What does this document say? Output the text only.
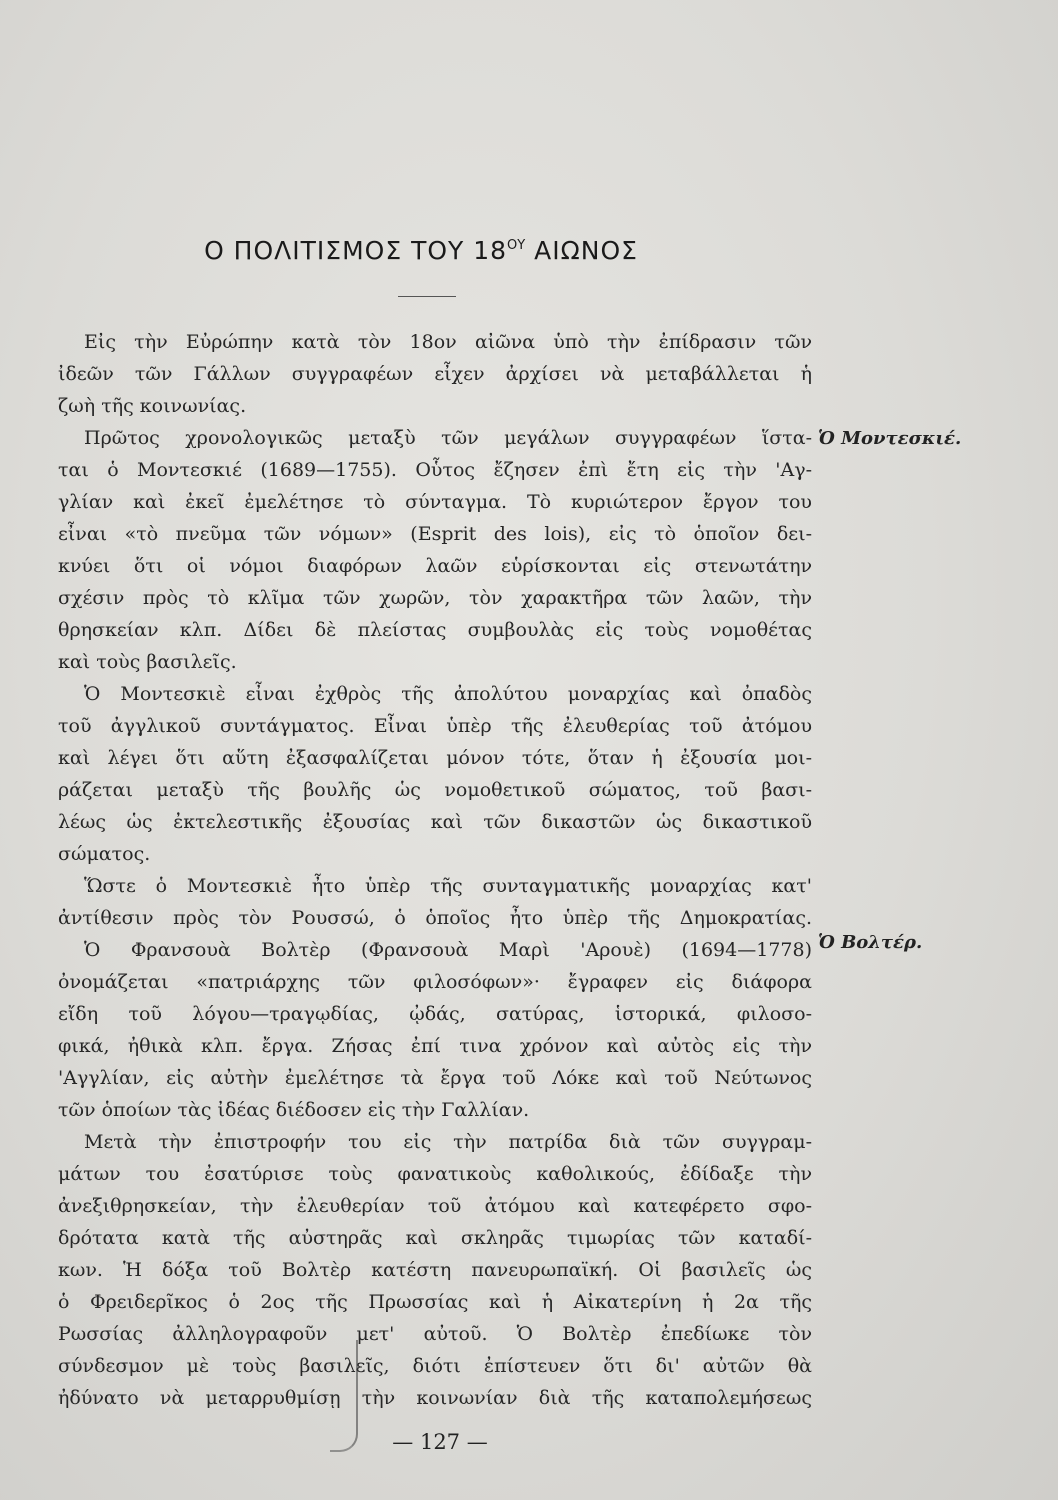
Ο ΠΟΛΙΤΙΣΜΟΣ ΤΟΥ $18^{O\Upsilon}$ ΑΙΩΝΟΣ
Εἰς τὴν Εὐρώπην κατὰ τὸν 18ον αἰῶνα ὑπὸ τὴν ἐπίδρασιν τῶν
ἰδεῶν τῶν Γάλλων συγγραφέων εἶχεν ἀρχίσει νὰ μεταβάλλεται ἡ
ζωὴ τῆς κοινωνίας.
Πρῶτος χρονολογικῶς μεταξὺ τῶν μεγάλων συγγραφέων ἵστα-
ται ὁ Μοντεσκιέ (1689—1755). Οὗτος ἔζησεν ἐπὶ ἔτη εἰς τὴν 'Αγ-
γλίαν καὶ ἐκεῖ ἐμελέτησε τὸ σύνταγμα. Τὸ κυριώτερον ἔργον του
εἶναι «τὸ πνεῦμα τῶν νόμων» (Esprit des lois), εἰς τὸ ὁποῖον δει-
κνύει ὅτι οἱ νόμοι διαφόρων λαῶν εὑρίσκονται εἰς στενωτάτην
σχέσιν πρὸς τὸ κλῖμα τῶν χωρῶν, τὸν χαρακτῆρα τῶν λαῶν, τὴν
θρησκείαν κλπ. Δίδει δὲ πλείστας συμβουλὰς εἰς τοὺς νομοθέτας
καὶ τοὺς βασιλεῖς.
Ὁ Μοντεσκιὲ εἶναι ἐχθρὸς τῆς ἀπολύτου μοναρχίας καὶ ὀπαδὸς
τοῦ ἀγγλικοῦ συντάγματος. Εἶναι ὑπὲρ τῆς ἐλευθερίας τοῦ ἀτόμου
καὶ λέγει ὅτι αὕτη ἐξασφαλίζεται μόνον τότε, ὅταν ἡ ἐξουσία μοι-
ράζεται μεταξὺ τῆς βουλῆς ὡς νομοθετικοῦ σώματος, τοῦ βασι-
λέως ὡς ἐκτελεστικῆς ἐξουσίας καὶ τῶν δικαστῶν ὡς δικαστικοῦ
σώματος.
Ὥστε ὁ Μοντεσκιὲ ἦτο ὑπὲρ τῆς συνταγματικῆς μοναρχίας κατ'
ἀντίθεσιν πρὸς τὸν Ρουσσώ, ὁ ὁποῖος ἦτο ὑπὲρ τῆς Δημοκρατίας.
Ὁ Φρανσουὰ Βολτὲρ (Φρανσουὰ Μαρὶ 'Αρουὲ) (1694—1778)
ὀνομάζεται «πατριάρχης τῶν φιλοσόφων»· ἔγραφεν εἰς διάφορα
εἴδη τοῦ λόγου—τραγῳδίας, ᾠδάς, σατύρας, ἱστορικά, φιλοσο-
φικά, ἠθικὰ κλπ. ἔργα. Ζήσας ἐπί τινα χρόνον καὶ αὐτὸς εἰς τὴν
'Αγγλίαν, εἰς αὐτὴν ἐμελέτησε τὰ ἔργα τοῦ Λόκε καὶ τοῦ Νεύτωνος
τῶν ὁποίων τὰς ἰδέας διέδοσεν εἰς τὴν Γαλλίαν.
Μετὰ τὴν ἐπιστροφήν του εἰς τὴν πατρίδα διὰ τῶν συγγραμ-
μάτων του ἐσατύρισε τοὺς φανατικοὺς καθολικούς, ἐδίδαξε τὴν
ἀνεξιθρησκείαν, τὴν ἐλευθερίαν τοῦ ἀτόμου καὶ κατεφέρετο σφο-
δρότατα κατὰ τῆς αὐστηρᾶς καὶ σκληρᾶς τιμωρίας τῶν καταδί-
κων. Ἡ δόξα τοῦ Βολτὲρ κατέστη πανευρωπαϊκή. Οἱ βασιλεῖς ὡς
ὁ Φρειδερῖκος ὁ 2ος τῆς Πρωσσίας καὶ ἡ Αἰκατερίνη ἡ 2α τῆς
Ρωσσίας ἀλληλογραφοῦν μετ' αὐτοῦ. Ὁ Βολτὲρ ἐπεδίωκε τὸν
σύνδεσμον μὲ τοὺς βασιλεῖς, διότι ἐπίστευεν ὅτι δι' αὐτῶν θὰ
ἠδύνατο νὰ μεταρρυθμίσῃ τὴν κοινωνίαν διὰ τῆς καταπολεμήσεως
Ὁ Μοντεσκιέ.
Ὁ Βολτέρ.
— 127 —
